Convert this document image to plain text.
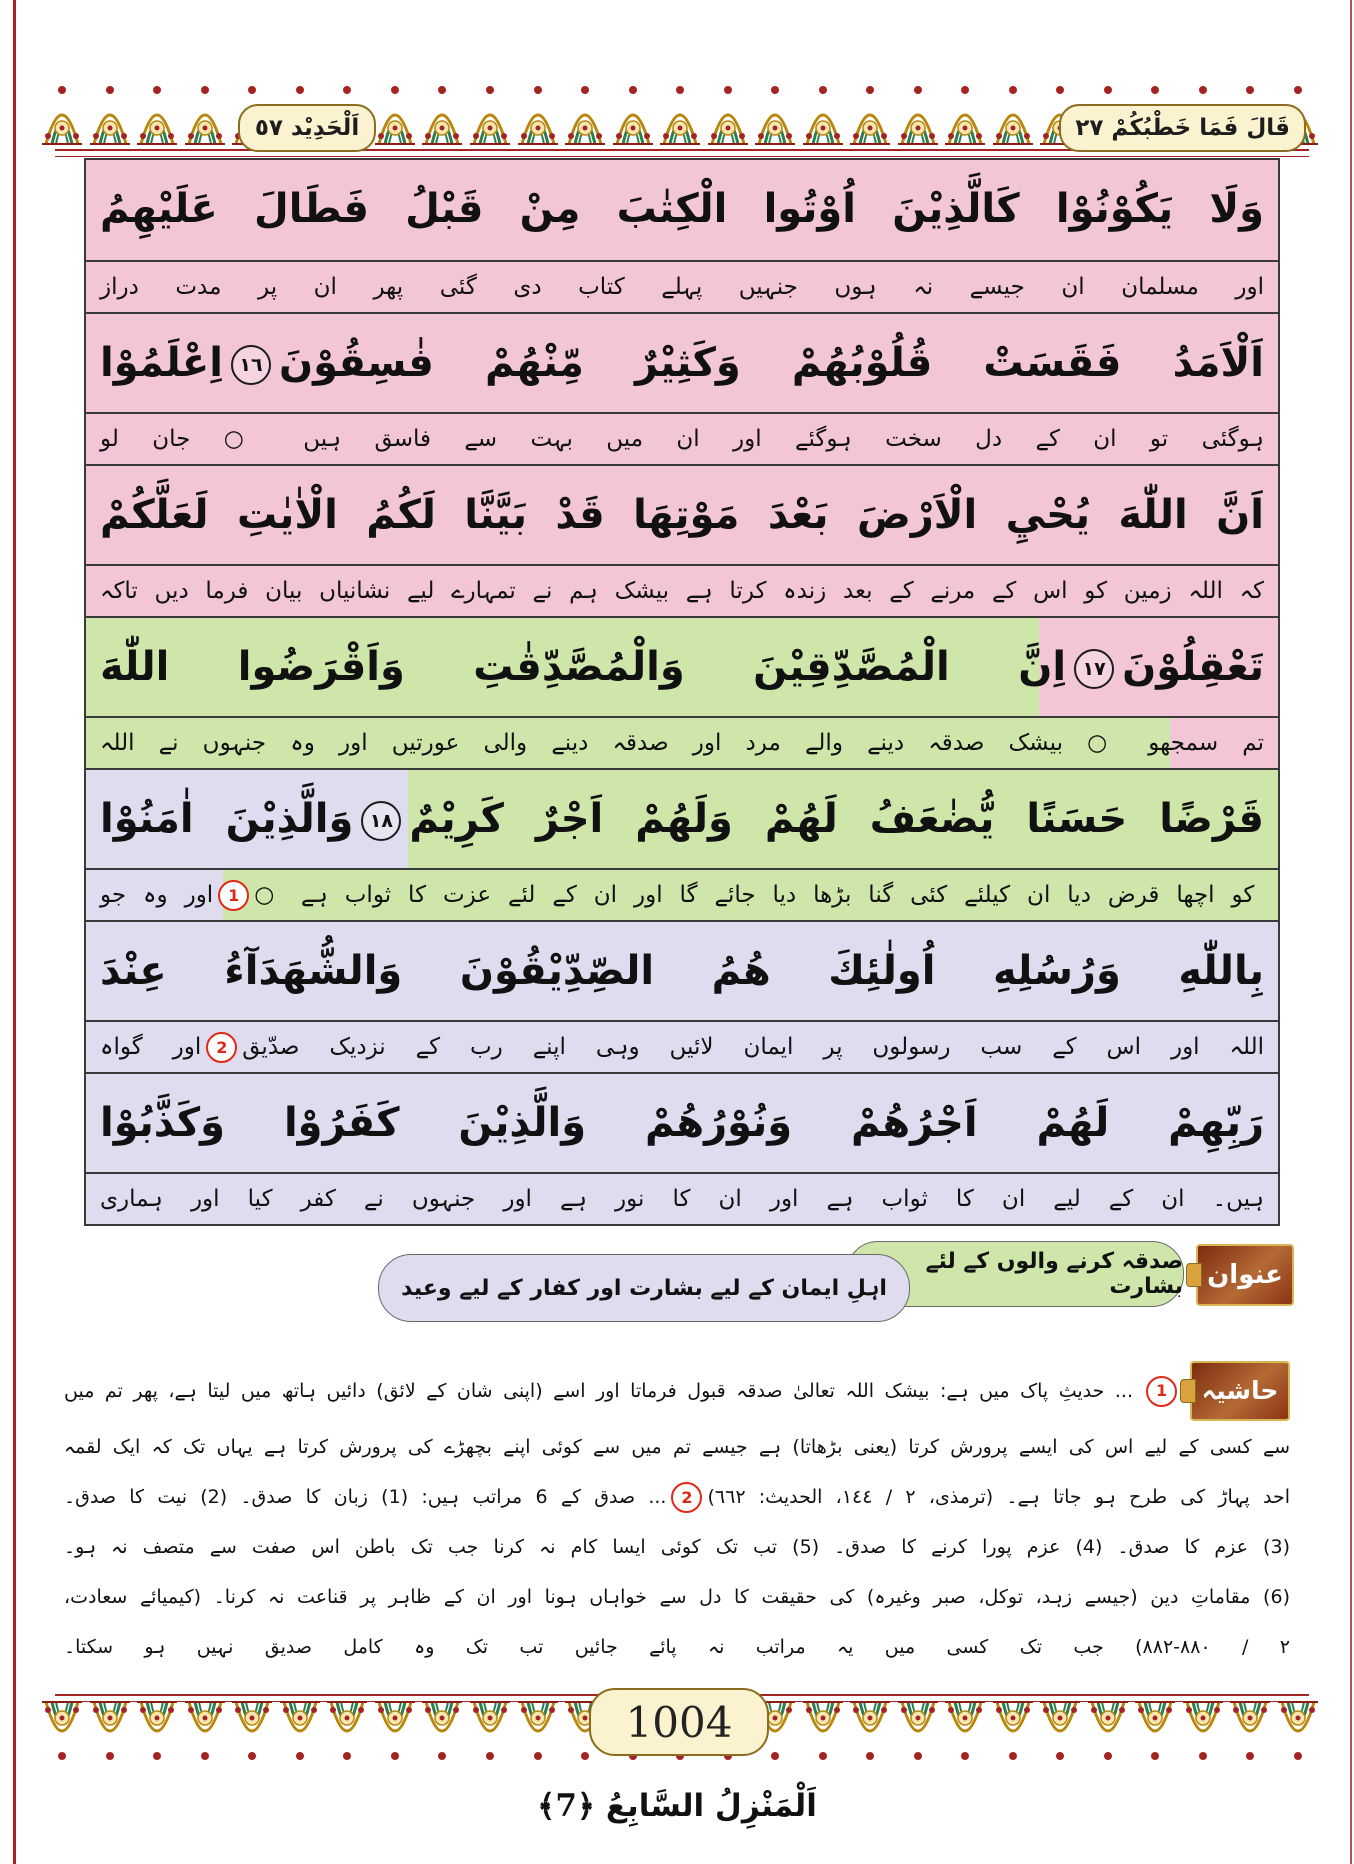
اَلْحَدِيْد ٥٧	قَالَ فَمَا خَطْبُكُمْ ٢٧
وَلَا يَكُوْنُوْا كَالَّذِيْنَ اُوْتُوا الْكِتٰبَ مِنْ قَبْلُ فَطَالَ عَلَيْهِمُ
اور مسلمان ان جیسے نہ ہوں جنہیں پہلے کتاب دی گئی پھر ان پر مدت دراز
اَلْاَمَدُ فَقَسَتْ قُلُوْبُهُمْ وَكَثِيْرٌ مِّنْهُمْ فٰسِقُوْنَ١٦اِعْلَمُوْا
ہوگئی تو ان کے دل سخت ہوگئے اور ان میں بہت سے فاسق ہیں ○ جان لو
اَنَّ اللّٰهَ يُحْيِ الْاَرْضَ بَعْدَ مَوْتِهَا قَدْ بَيَّنَّا لَكُمُ الْاٰيٰتِ لَعَلَّكُمْ
کہ اللہ زمین کو اس کے مرنے کے بعد زندہ کرتا ہے بیشک ہم نے تمہارے لیے نشانیاں بیان فرما دیں تاکہ
تَعْقِلُوْنَ١٧اِنَّ الْمُصَّدِّقِيْنَ وَالْمُصَّدِّقٰتِ وَاَقْرَضُوا اللّٰهَ
تم سمجھو ○ بیشک صدقہ دینے والے مرد اور صدقہ دینے والی عورتیں اور وہ جنہوں نے اللہ
قَرْضًا حَسَنًا يُّضٰعَفُ لَهُمْ وَلَهُمْ اَجْرٌ كَرِيْمٌ١٨وَالَّذِيْنَ اٰمَنُوْا
کو اچھا قرض دیا ان کیلئے کئی گنا بڑھا دیا جائے گا اور ان کے لئے عزت کا ثواب ہے ○1اور وہ جو
بِاللّٰهِ وَرُسُلِهِ اُولٰئِكَ هُمُ الصِّدِّيْقُوْنَ وَالشُّهَدَآءُ عِنْدَ
اللہ اور اس کے سب رسولوں پر ایمان لائیں وہی اپنے رب کے نزدیک صدّیق2اور گواہ
رَبِّهِمْ لَهُمْ اَجْرُهُمْ وَنُوْرُهُمْ وَالَّذِيْنَ كَفَرُوْا وَكَذَّبُوْا
ہیں۔ ان کے لیے ان کا ثواب ہے اور ان کا نور ہے اور جنہوں نے کفر کیا اور ہماری
عنوان
صدقہ کرنے والوں کے لئے بشارت
اہلِ ایمان کے لیے بشارت اور کفار کے لیے وعید
حاشیہ
1
... حدیثِ پاک میں ہے: بیشک اللہ تعالیٰ صدقہ قبول فرماتا اور اسے (اپنی شان کے لائق) دائیں ہاتھ میں لیتا ہے، پھر تم میں
سے کسی کے لیے اس کی ایسے پرورش کرتا (یعنی بڑھاتا) ہے جیسے تم میں سے کوئی اپنے بچھڑے کی پرورش کرتا ہے یہاں تک کہ ایک لقمہ
احد پہاڑ کی طرح ہو جاتا ہے۔ (ترمذی، ٢ / ١٤٤، الحدیث: ٦٦٢)2... صدق کے 6 مراتب ہیں: (1) زبان کا صدق۔ (2) نیت کا صدق۔
(3) عزم کا صدق۔ (4) عزم پورا کرنے کا صدق۔ (5) تب تک کوئی ایسا کام نہ کرنا جب تک باطن اس صفت سے متصف نہ ہو۔
(6) مقاماتِ دین (جیسے زہد، توکل، صبر وغیرہ) کی حقیقت کا دل سے خواہاں ہونا اور ان کے ظاہر پر قناعت نہ کرنا۔ (کیمیائے سعادت،
٢ / ٨٨٠-٨٨٢) جب تک کسی میں یہ مراتب نہ پائے جائیں تب تک وہ کامل صدیق نہیں ہو سکتا۔
1004
اَلْمَنْزِلُ السَّابِعُ ﴿7﴾
